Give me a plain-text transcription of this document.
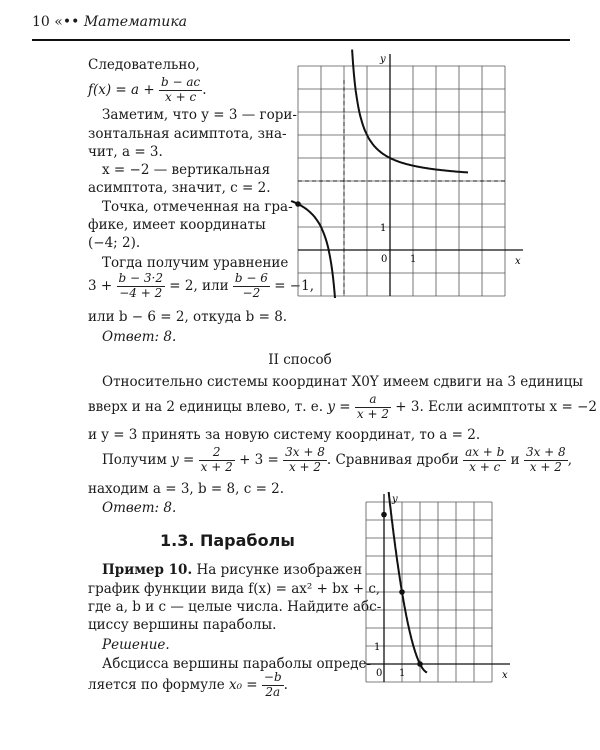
10 «•• Математика
Следовательно,
$f(x) = a + \frac{b - ac}{x + c}$ .
Заметим, что y = 3 — гори-
зонтальная асимптота, зна-
чит, a = 3.
x = −2 — вертикальная
асимптота, значит, c = 2.
Точка, отмеченная на гра-
фике, имеет координаты
(−4; 2).
Тогда получим уравнение
$3 + \frac{b - 3\cdot 2}{-4 + 2} = 2$, или $\frac{b - 6}{-2} = -1$,
или b − 6 = 2, откуда b = 8.
Ответ: 8.
y
x
0 1
1
II способ
Относительно системы координат X0Y имеем сдвиги на 3 единицы
вверх и на 2 единицы влево, т. е. $y = \frac{a}{x + 2} + 3$. Если асимптоты x = −2
и y = 3 принять за новую систему координат, то a = 2.
Получим $y = \frac{2}{x + 2} + 3 = \frac{3x + 8}{x + 2}$ . Сравнивая дроби $\frac{ax + b}{x + c}$ и $\frac{3x + 8}{x + 2}$ ,
находим a = 3, b = 8, c = 2.
Ответ: 8.
1.3. Параболы
Пример 10. На рисунке изображен
график функции вида f(x) = ax² + bx + c,
где a, b и c — целые числа. Найдите абс-
циссу вершины параболы.
Решение.
Абсцисса вершины параболы опреде-
ляется по формуле $x_0 = \frac{-b}{2a}$ .
y
x
0 1
1
